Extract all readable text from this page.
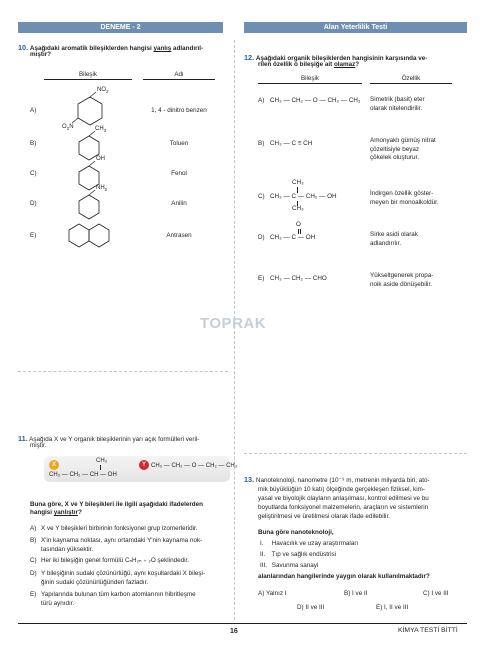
DENEME - 2	Alan Yeterlilik Testi
10. Aşağıdaki aromatik bileşiklerden hangisi yanlış adlandırıl-
mıştır?
Bileşik	Adı
A)
$NO_2$
$O_2N$
1, 4 - dinitro benzen
B)
$CH_3$
Toluen
C)
OH
Fenol
D)
$NH_2$
Anilin
E)	Antrasen
12. Aşağıdaki organik bileşiklerden hangisinin karşısında ve-
rilen özellik o bileşiğe ait olamaz?
Bileşik	Özellik
A) CH₃ — CH₂ — O — CH₂ — CH₃ Simetrik (basit) eter
olarak nitelendirilir.
B) CH₃ — C ≡ CH	Amonyaklı gümüş nitrat
çözeltisiyle beyaz
çökelek oluşturur.
CH₃
C) CH₃ — C — CH₂ — OH
CH₃
İndirgen özellik göster-
meyen bir monoalkoldür.
O
D) CH₃ — C — OH	Sirke asidi olarak
adlandırılır.
E) CH₃ — CH₂ — CHO	Yükseltgenerek propa-
noik aside dönüşebilir.
TOPRAK
11. Aşağıda X ve Y organik bileşiklerinin yarı açık formülleri veril-
miştir.
X	Y
CH₃
CH₃ — CH₂ — CH — OH
CH₃ — CH₂ — O — CH₂ — CH₃
Buna göre, X ve Y bileşikleri ile ilgili aşağıdaki ifadelerden
hangisi yanlıştır?
A) X ve Y bileşikleri birbirinin fonksiyonel grup izomerleridir.
B) X'in kaynama noktası, aynı ortamdaki Y'nin kaynama nok-
tasından yüksektir.
C) Her iki bileşiğin genel formülü CₙH₂ₙ ₊ ₂O şeklindedir.
D) Y bileşiğinin sudaki çözünürlüğü, aynı koşullardaki X bileşi-
ğinin sudaki çözünürlüğünden fazladır.
E) Yapılarında bulunan tüm karbon atomlarının hibritleşme
türü aynıdır.
13. Nanoteknoloji, nanometre (10⁻⁹ m, metrenin milyarda biri, ato-
mik büyüklüğün 10 katı) ölçeğinde gerçekleşen fiziksel, kim-
yasal ve biyolojik olayların anlaşılması, kontrol edilmesi ve bu
boyutlarda fonksiyonel malzemelerin, araçların ve sistemlerin
geliştirilmesi ve üretilmesi olarak ifade edilebilir.
Buna göre nanoteknoloji,
I. Havacılık ve uzay araştırmaları
II. Tıp ve sağlık endüstrisi
III. Savunma sanayi
alanlarından hangilerinde yaygın olarak kullanılmaktadır?
A) Yalnız I	B) I ve II	C) I ve III
D) II ve III	E) I, II ve III
16	KİMYA TESTİ BİTTİ
